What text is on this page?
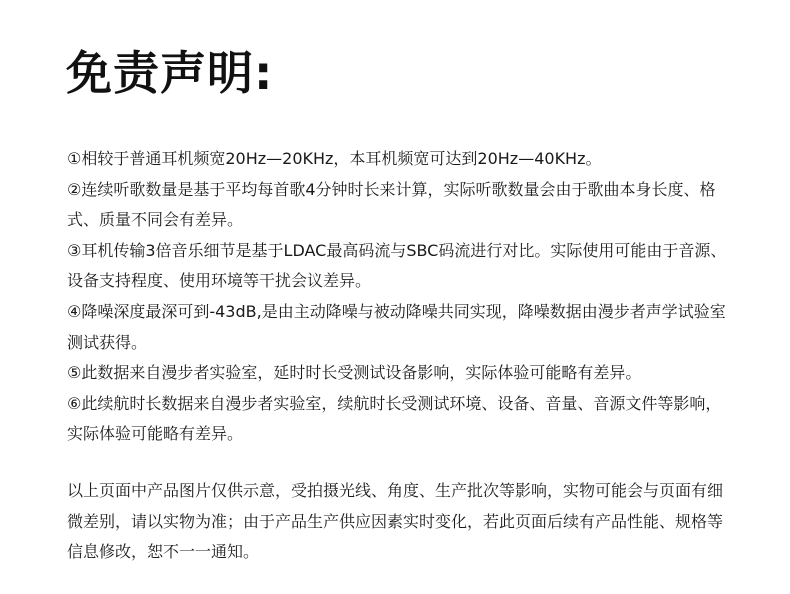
免责声明:
①相较于普通耳机频宽20Hz—20KHz，本耳机频宽可达到20Hz—40KHz。
②连续听歌数量是基于平均每首歌4分钟时长来计算，实际听歌数量会由于歌曲本身长度、格式、质量不同会有差异。
③耳机传输3倍音乐细节是基于LDAC最高码流与SBC码流进行对比。实际使用可能由于音源、设备支持程度、使用环境等干扰会议差异。
④降噪深度最深可到-43dB,是由主动降噪与被动降噪共同实现，降噪数据由漫步者声学试验室测试获得。
⑤此数据来自漫步者实验室，延时时长受测试设备影响，实际体验可能略有差异。
⑥此续航时长数据来自漫步者实验室，续航时长受测试环境、设备、音量、音源文件等影响，实际体验可能略有差异。

以上页面中产品图片仅供示意，受拍摄光线、角度、生产批次等影响，实物可能会与页面有细微差别，请以实物为准；由于产品生产供应因素实时变化，若此页面后续有产品性能、规格等信息修改，恕不一一通知。
